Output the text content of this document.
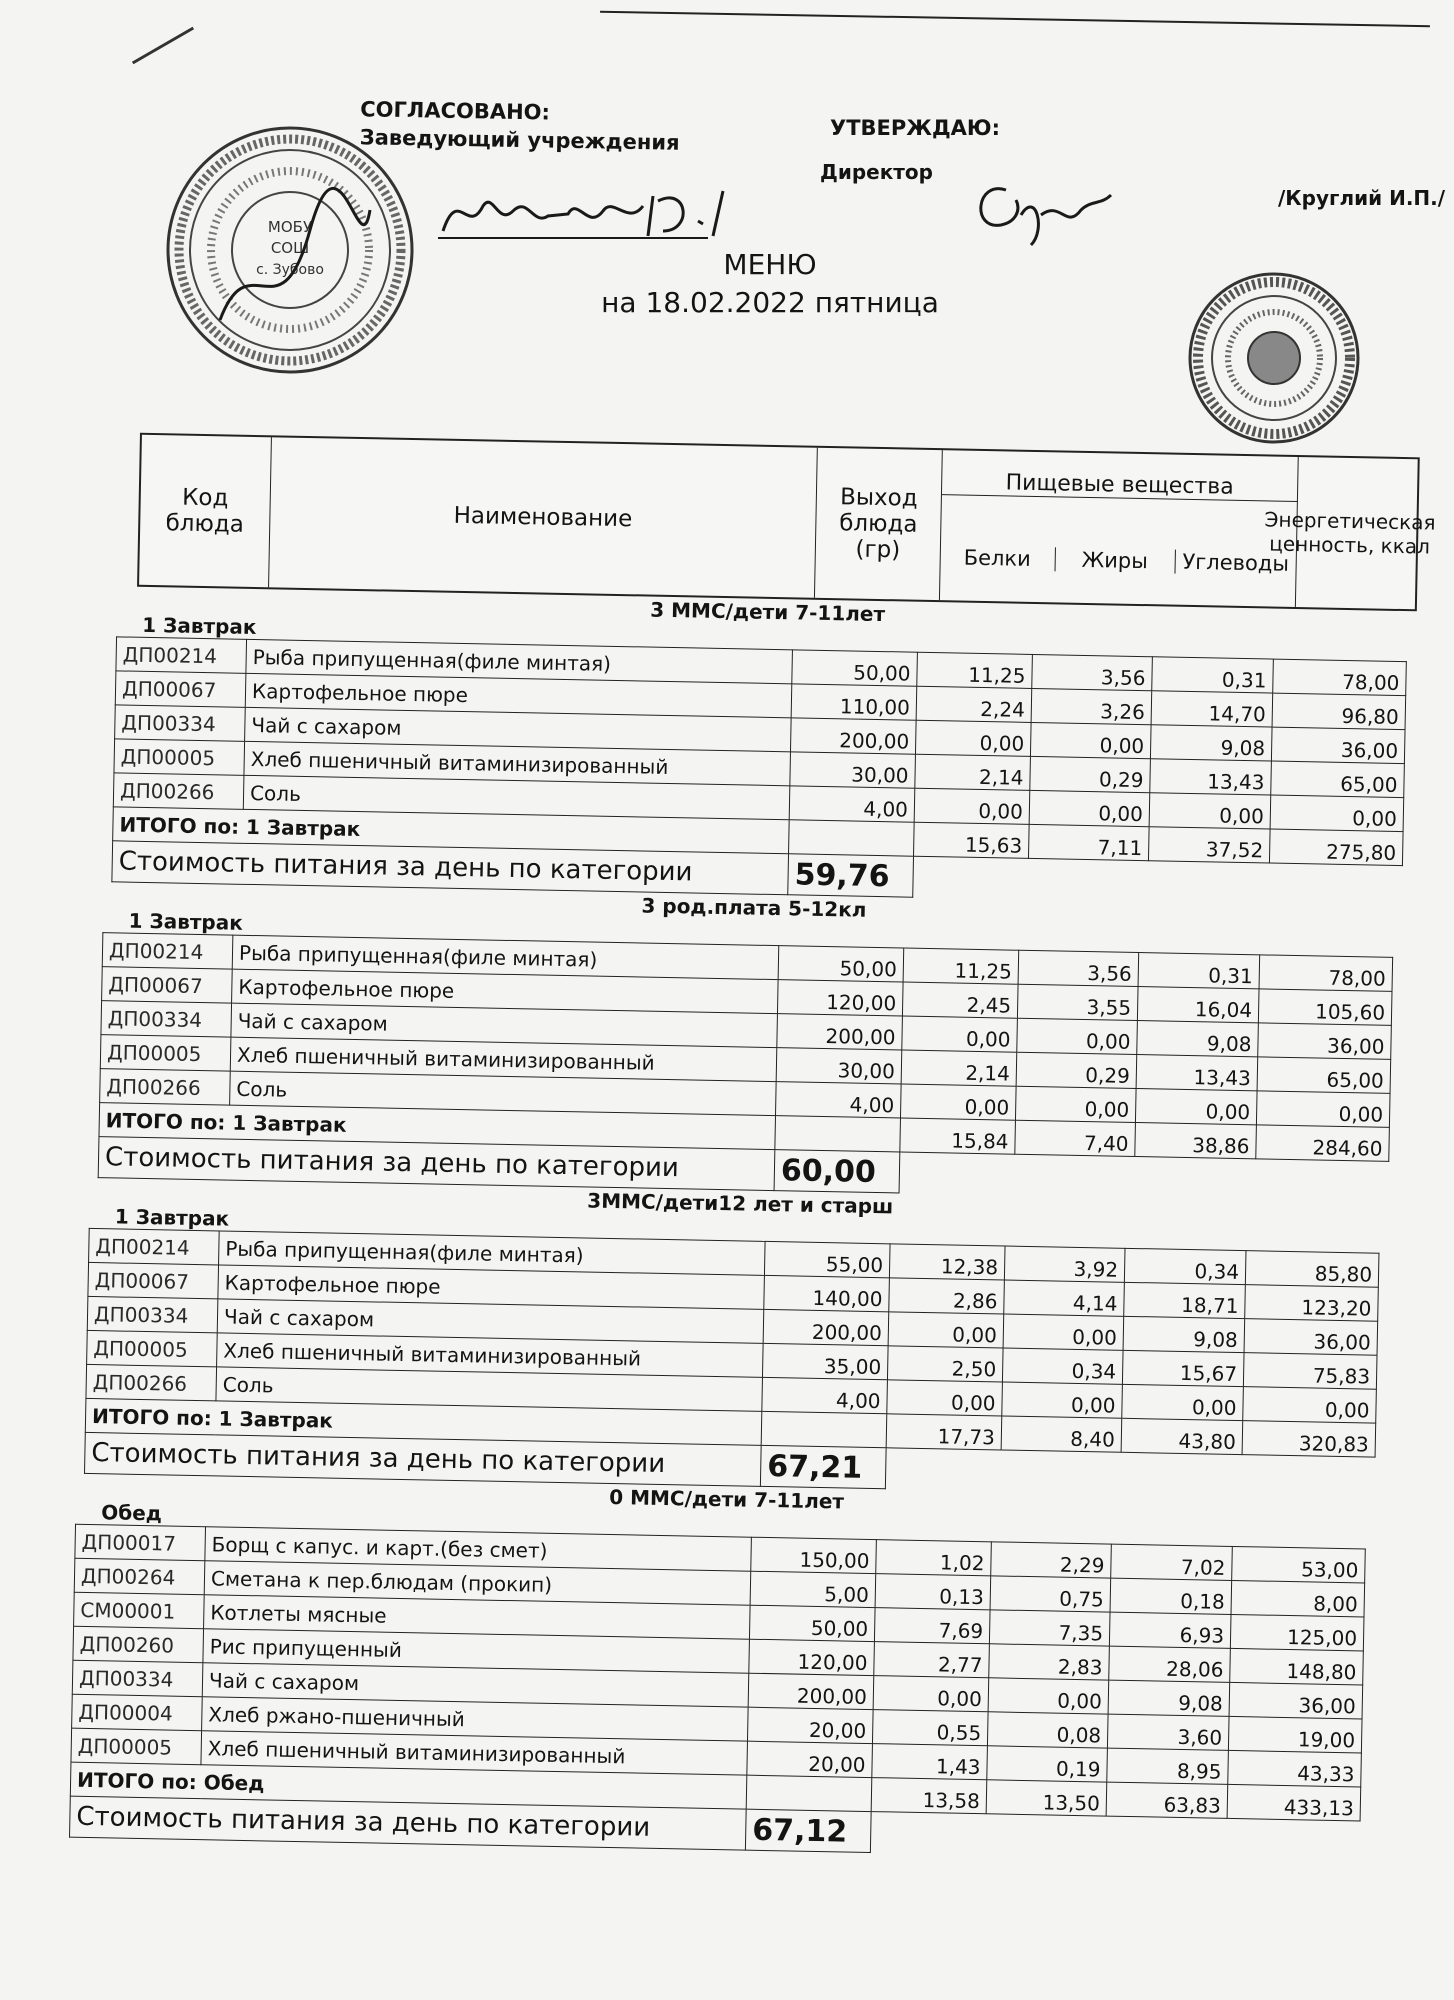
СОГЛАСОВАНО:
Заведующий учреждения
МОБУ
СОШ
с. Зубово
УТВЕРЖДАЮ:
Директор
/Круглий И.П./
МЕНЮ
на 18.02.2022 пятница
Код блюда	Наименование
Выход блюда (гр)
Пищевые вещества
Белки	Жиры	Углеводы
Энергетическая ценность, ккал
3 ММС/дети 7-11лет
1 Завтрак
ДП00214	Рыба припущенная(филе минтая)	50,00	11,25	3,56	0,31	78,00
ДП00067	Картофельное пюре	110,00	2,24	3,26	14,70	96,80
ДП00334	Чай с сахаром	200,00	0,00	0,00	9,08	36,00
ДП00005	Хлеб пшеничный витаминизированный	30,00	2,14	0,29	13,43	65,00
ДП00266	Соль	4,00	0,00	0,00	0,00	0,00
ИТОГО по: 1 Завтрак			15,63	7,11	37,52	275,80
Стоимость питания за день по категории		59,76				
3 род.плата 5-12кл
1 Завтрак
ДП00214	Рыба припущенная(филе минтая)	50,00	11,25	3,56	0,31	78,00
ДП00067	Картофельное пюре	120,00	2,45	3,55	16,04	105,60
ДП00334	Чай с сахаром	200,00	0,00	0,00	9,08	36,00
ДП00005	Хлеб пшеничный витаминизированный	30,00	2,14	0,29	13,43	65,00
ДП00266	Соль	4,00	0,00	0,00	0,00	0,00
ИТОГО по: 1 Завтрак			15,84	7,40	38,86	284,60
Стоимость питания за день по категории		60,00				
3ММС/дети12 лет и старш
1 Завтрак
ДП00214	Рыба припущенная(филе минтая)	55,00	12,38	3,92	0,34	85,80
ДП00067	Картофельное пюре	140,00	2,86	4,14	18,71	123,20
ДП00334	Чай с сахаром	200,00	0,00	0,00	9,08	36,00
ДП00005	Хлеб пшеничный витаминизированный	35,00	2,50	0,34	15,67	75,83
ДП00266	Соль	4,00	0,00	0,00	0,00	0,00
ИТОГО по: 1 Завтрак			17,73	8,40	43,80	320,83
Стоимость питания за день по категории		67,21				
0 ММС/дети 7-11лет
Обед
ДП00017	Борщ с капус. и карт.(без смет)	150,00	1,02	2,29	7,02	53,00
ДП00264	Сметана к пер.блюдам (прокип)	5,00	0,13	0,75	0,18	8,00
СМ00001	Котлеты мясные	50,00	7,69	7,35	6,93	125,00
ДП00260	Рис припущенный	120,00	2,77	2,83	28,06	148,80
ДП00334	Чай с сахаром	200,00	0,00	0,00	9,08	36,00
ДП00004	Хлеб ржано-пшеничный	20,00	0,55	0,08	3,60	19,00
ДП00005	Хлеб пшеничный витаминизированный	20,00	1,43	0,19	8,95	43,33
ИТОГО по: Обед			13,58	13,50	63,83	433,13
Стоимость питания за день по категории		67,12				
